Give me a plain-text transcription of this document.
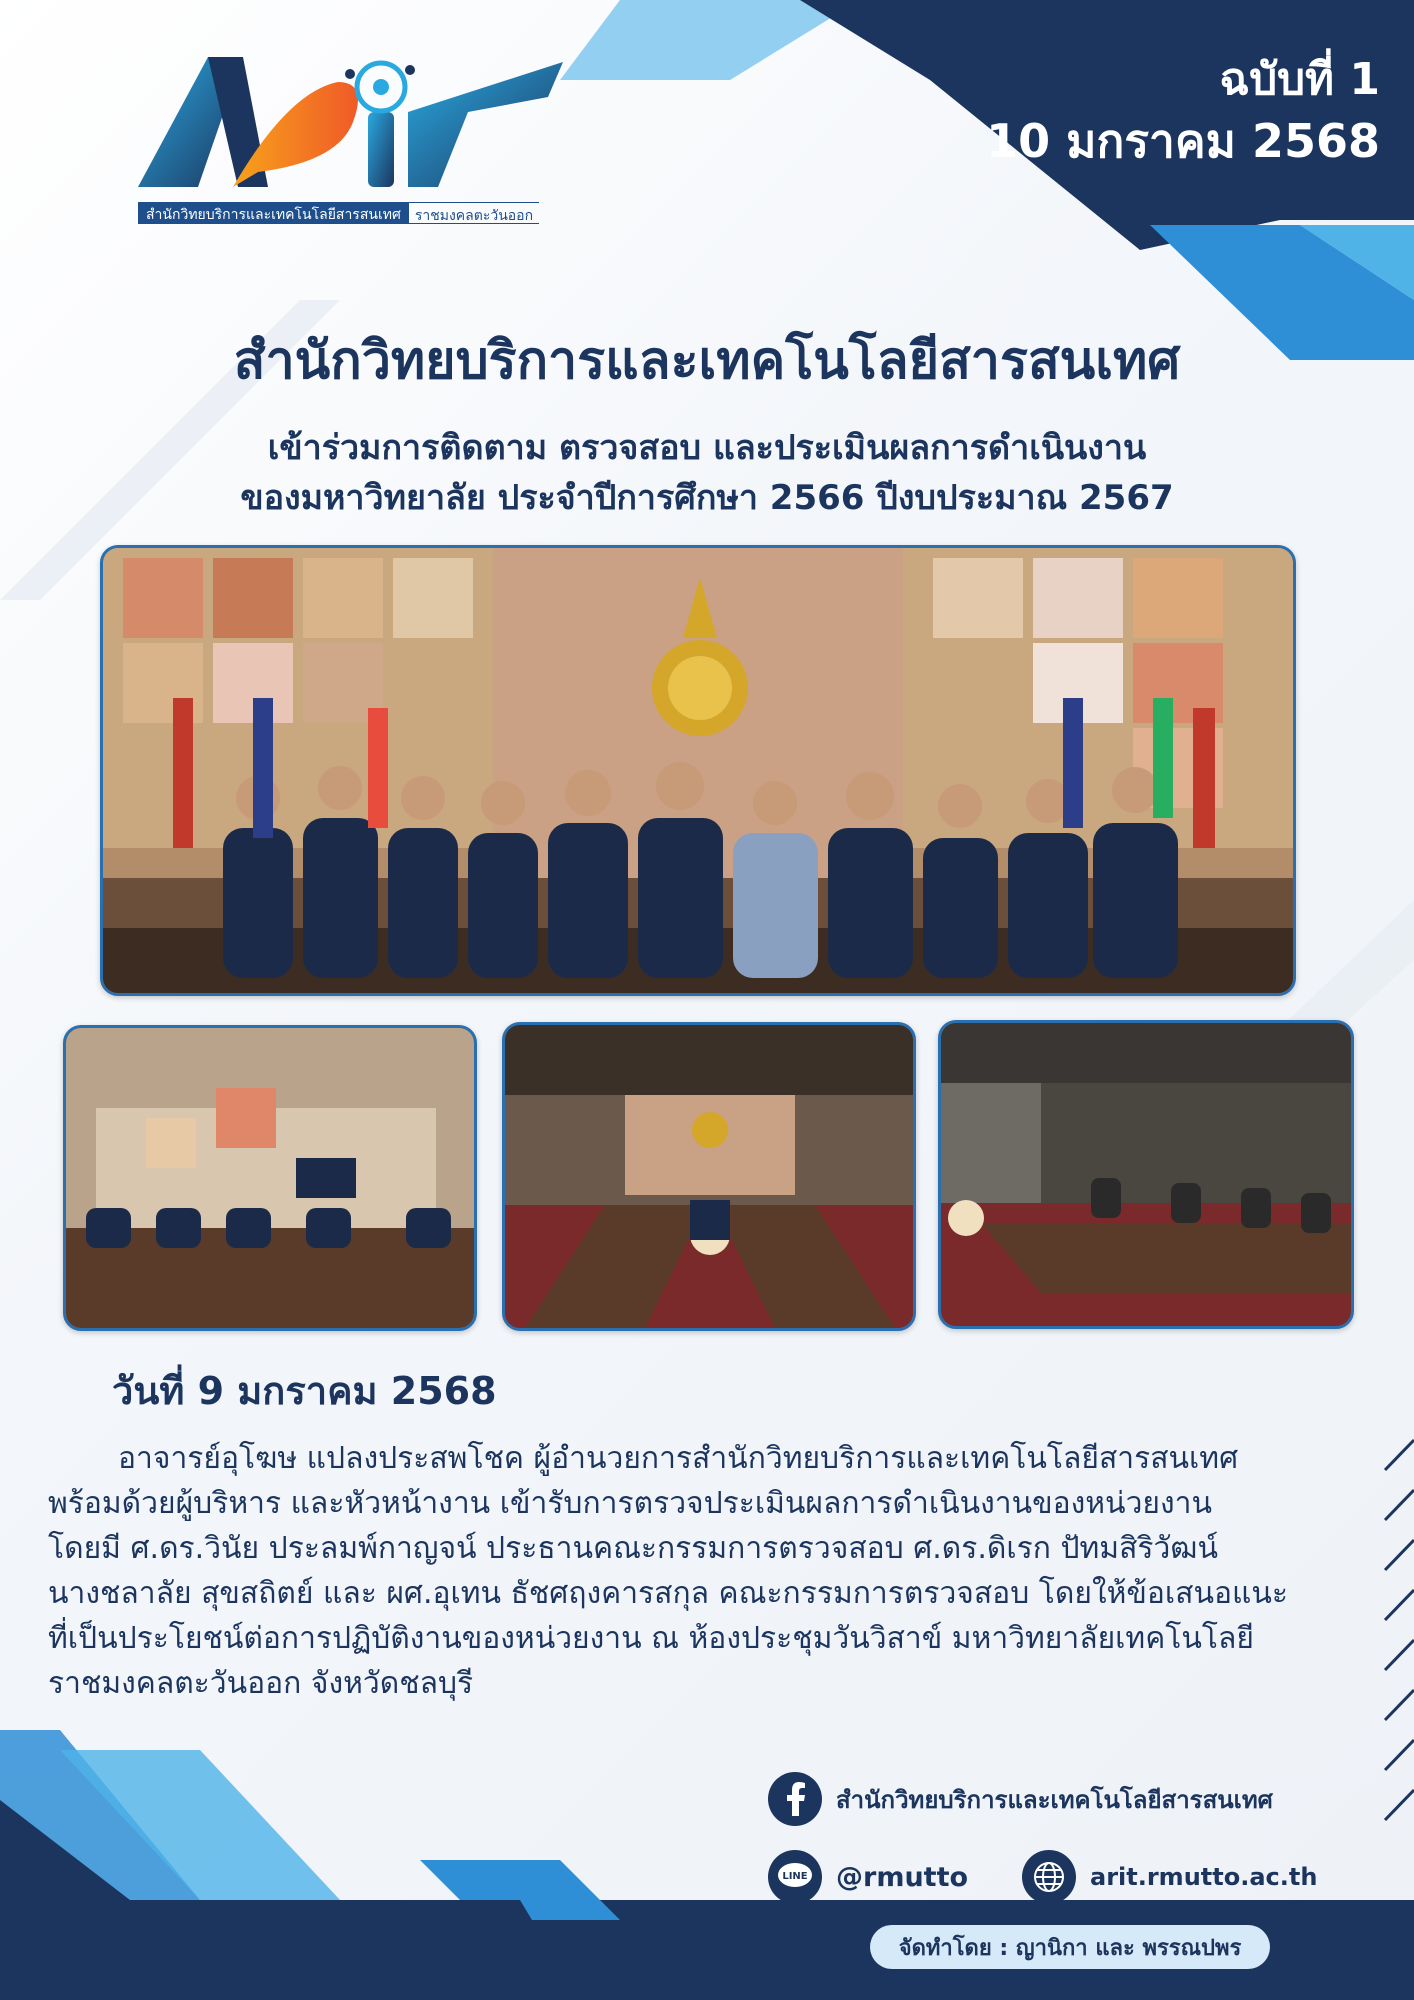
สำนักวิทยบริการและเทคโนโลยีสารสนเทศ	ราชมงคลตะวันออก
ฉบับที่ 1
10 มกราคม 2568
สำนักวิทยบริการและเทคโนโลยีสารสนเทศ
เข้าร่วมการติดตาม ตรวจสอบ และประเมินผลการดำเนินงาน
ของมหาวิทยาลัย ประจำปีการศึกษา 2566 ปีงบประมาณ 2567
วันที่ 9 มกราคม 2568
อาจารย์อุโฆษ แปลงประสพโชค ผู้อำนวยการสำนักวิทยบริการและเทคโนโลยีสารสนเทศ
พร้อมด้วยผู้บริหาร และหัวหน้างาน เข้ารับการตรวจประเมินผลการดำเนินงานของหน่วยงาน
โดยมี ศ.ดร.วินัย ประลมพ์กาญจน์ ประธานคณะกรรมการตรวจสอบ ศ.ดร.ดิเรก ปัทมสิริวัฒน์
นางชลาลัย สุขสถิตย์ และ ผศ.อุเทน ธัชศฤงคารสกุล คณะกรรมการตรวจสอบ โดยให้ข้อเสนอแนะ
ที่เป็นประโยชน์ต่อการปฏิบัติงานของหน่วยงาน ณ ห้องประชุมวันวิสาข์ มหาวิทยาลัยเทคโนโลยี
ราชมงคลตะวันออก จังหวัดชลบุรี
สำนักวิทยบริการและเทคโนโลยีสารสนเทศ
LINE @rmutto	arit.rmutto.ac.th
จัดทำโดย : ญานิกา และ พรรณปพร
